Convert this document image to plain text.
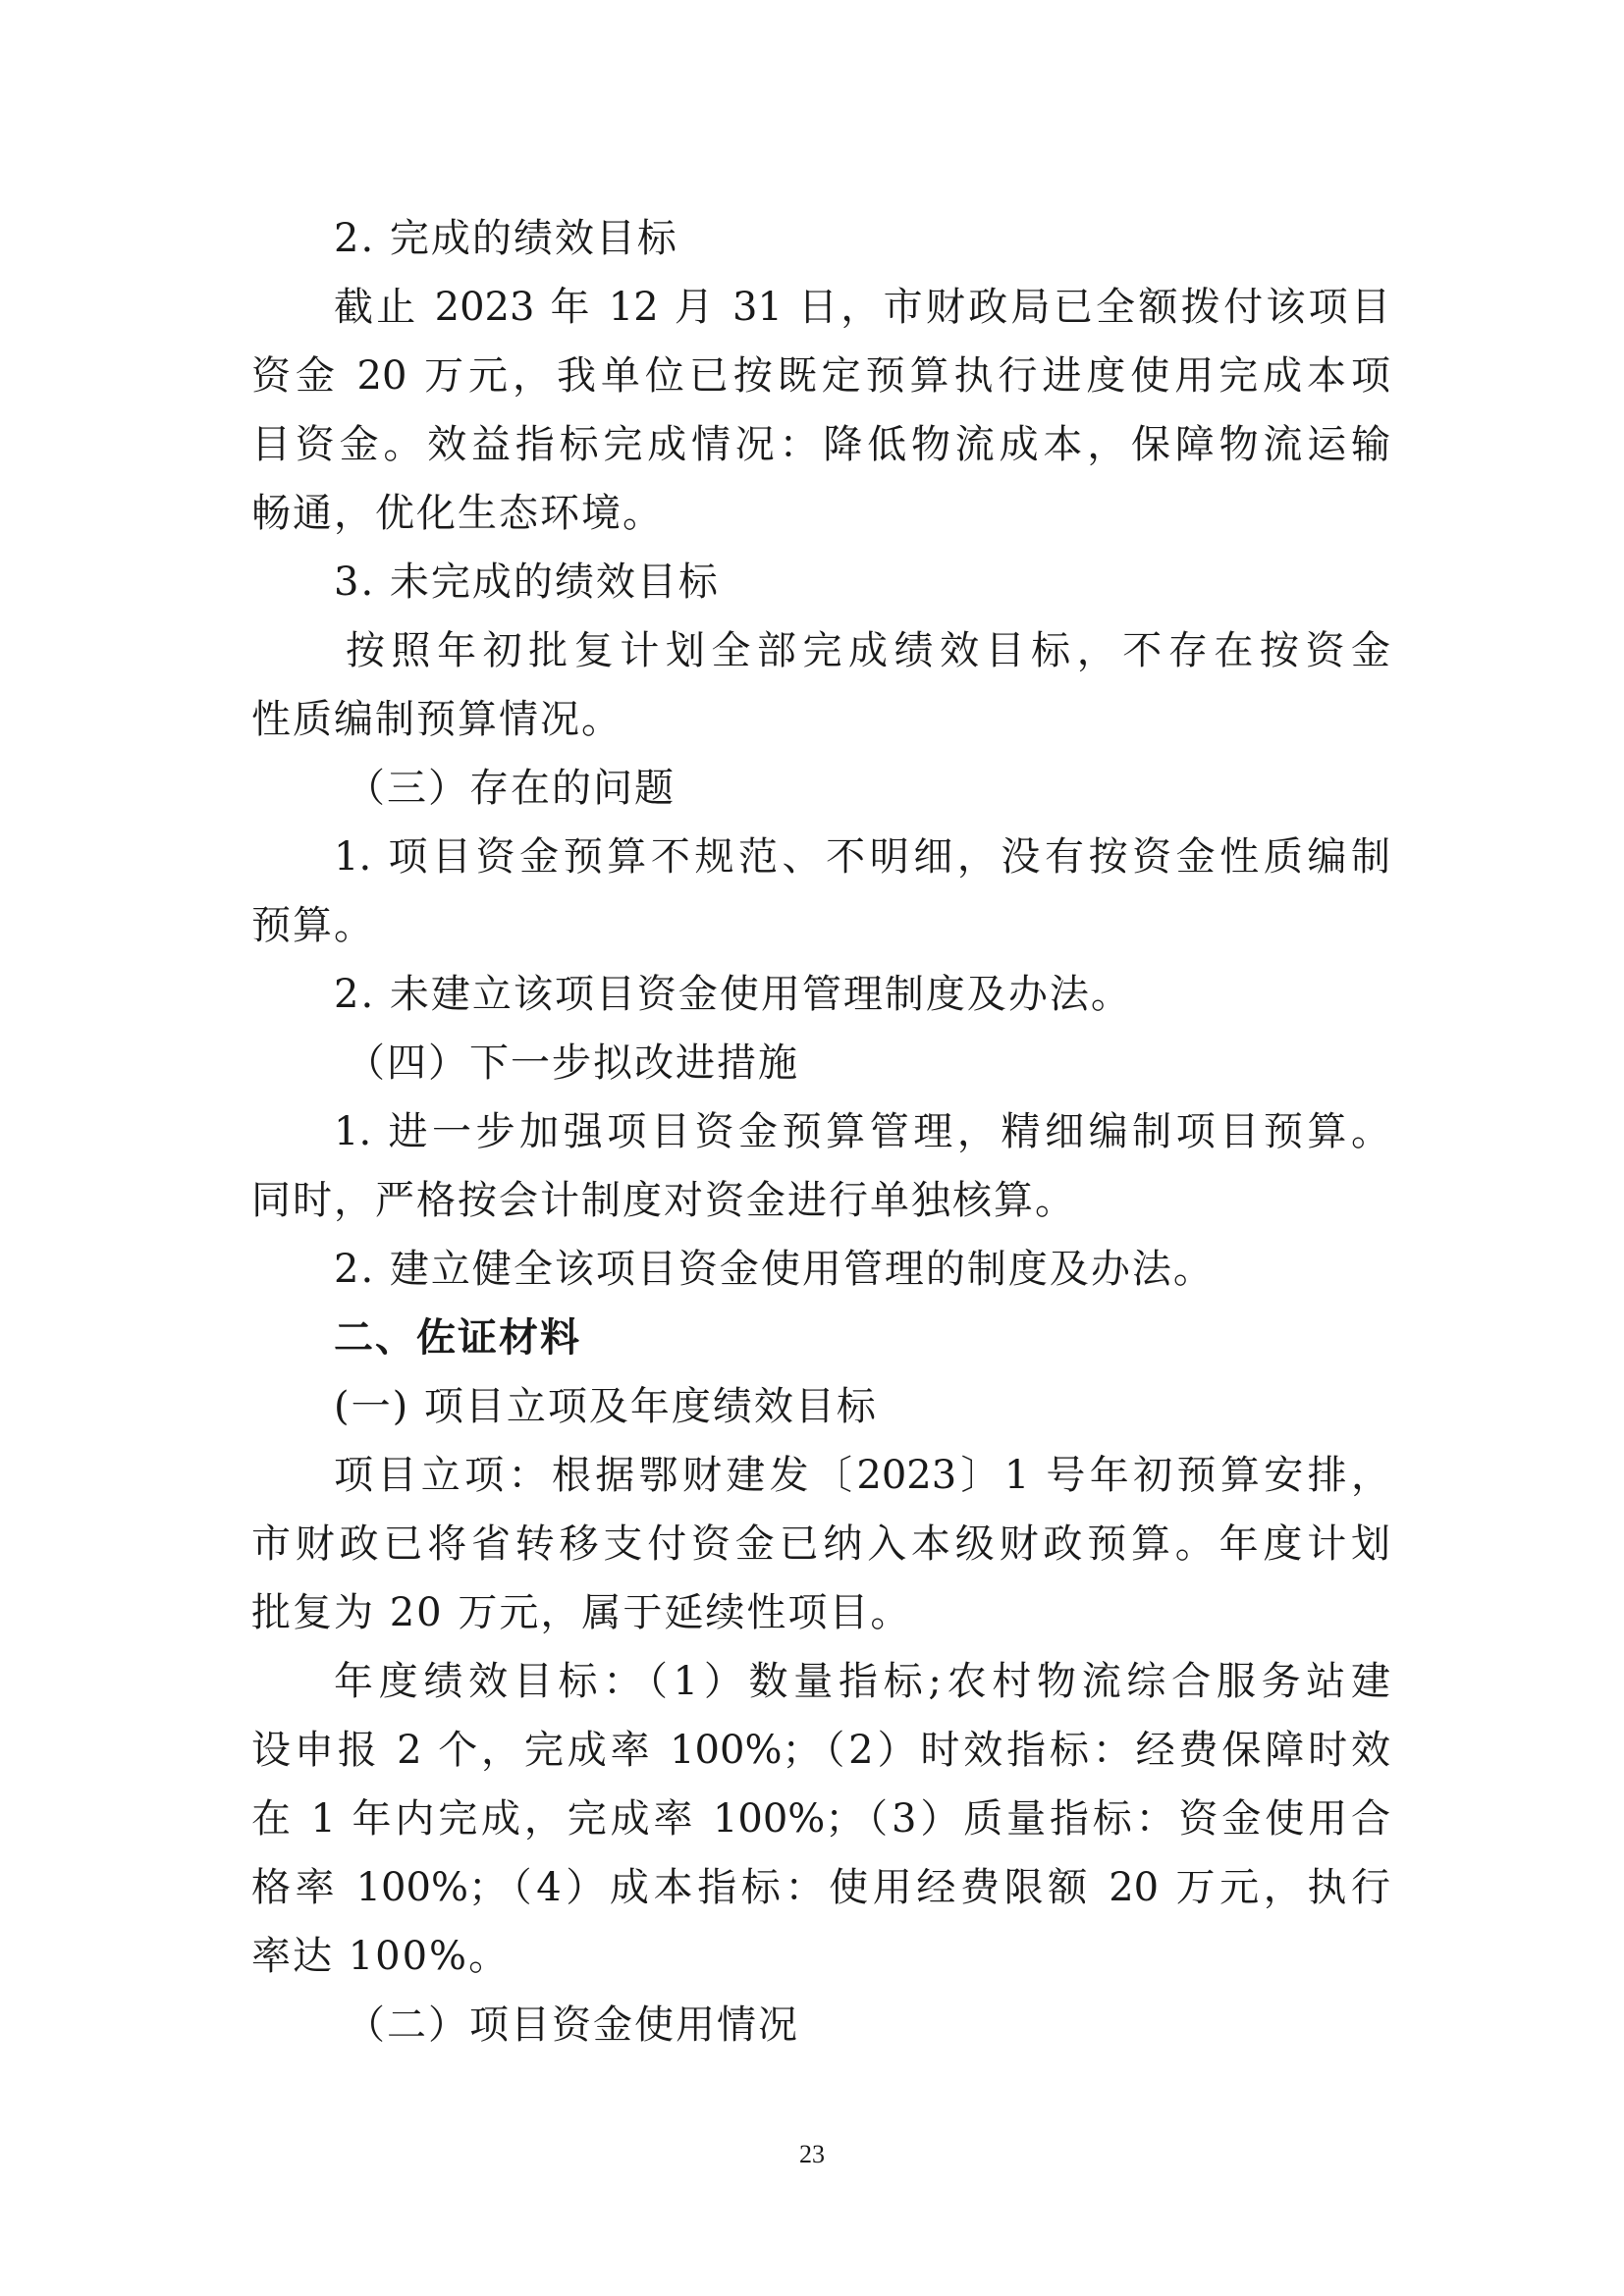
2. 完成的绩效目标
截止 2023 年 12 月 31 日，市财政局已全额拨付该项目
资金 20 万元，我单位已按既定预算执行进度使用完成本项
目资金。效益指标完成情况：降低物流成本，保障物流运输
畅通，优化生态环境。
3. 未完成的绩效目标
按照年初批复计划全部完成绩效目标，不存在按资金
性质编制预算情况。
（三）存在的问题
1. 项目资金预算不规范、不明细，没有按资金性质编制
预算。
2. 未建立该项目资金使用管理制度及办法。
（四）下一步拟改进措施
1. 进一步加强项目资金预算管理，精细编制项目预算。
同时，严格按会计制度对资金进行单独核算。
2. 建立健全该项目资金使用管理的制度及办法。
二、佐证材料
(一) 项目立项及年度绩效目标
项目立项：根据鄂财建发〔2023〕1 号年初预算安排，
市财政已将省转移支付资金已纳入本级财政预算。年度计划
批复为 20 万元，属于延续性项目。
年度绩效目标：（1）数量指标;农村物流综合服务站建
设申报 2 个，完成率 100%；（2）时效指标：经费保障时效
在 1 年内完成，完成率 100%；（3）质量指标：资金使用合
格率 100%；（4）成本指标：使用经费限额 20 万元，执行
率达 100%。
（二）项目资金使用情况
23
